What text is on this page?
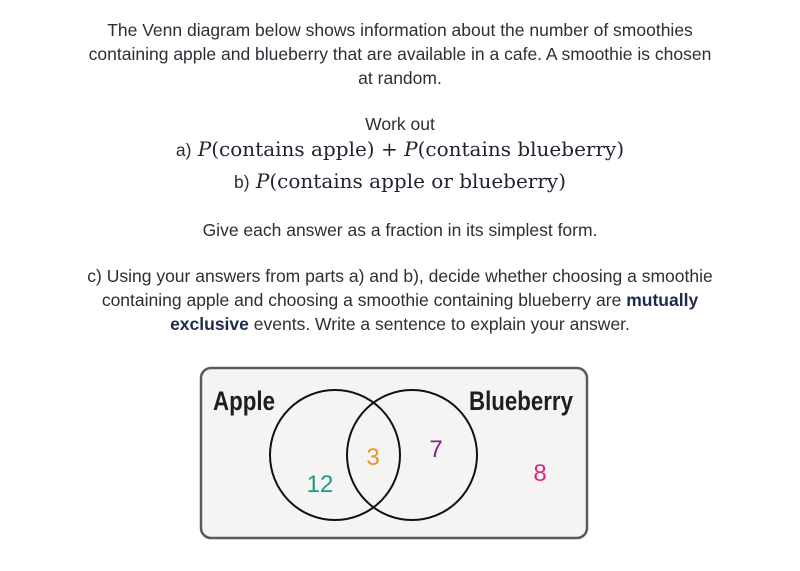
The Venn diagram below shows information about the number of smoothies
containing apple and blueberry that are available in a cafe. A smoothie is chosen
at random.
Work out
a) P(contains apple) + P(contains blueberry)
b) P(contains apple or blueberry)
Give each answer as a fraction in its simplest form.
c) Using your answers from parts a) and b), decide whether choosing a smoothie
containing apple and choosing a smoothie containing blueberry are mutually
exclusive events. Write a sentence to explain your answer.
Apple	Blueberry
12
3 7
8
